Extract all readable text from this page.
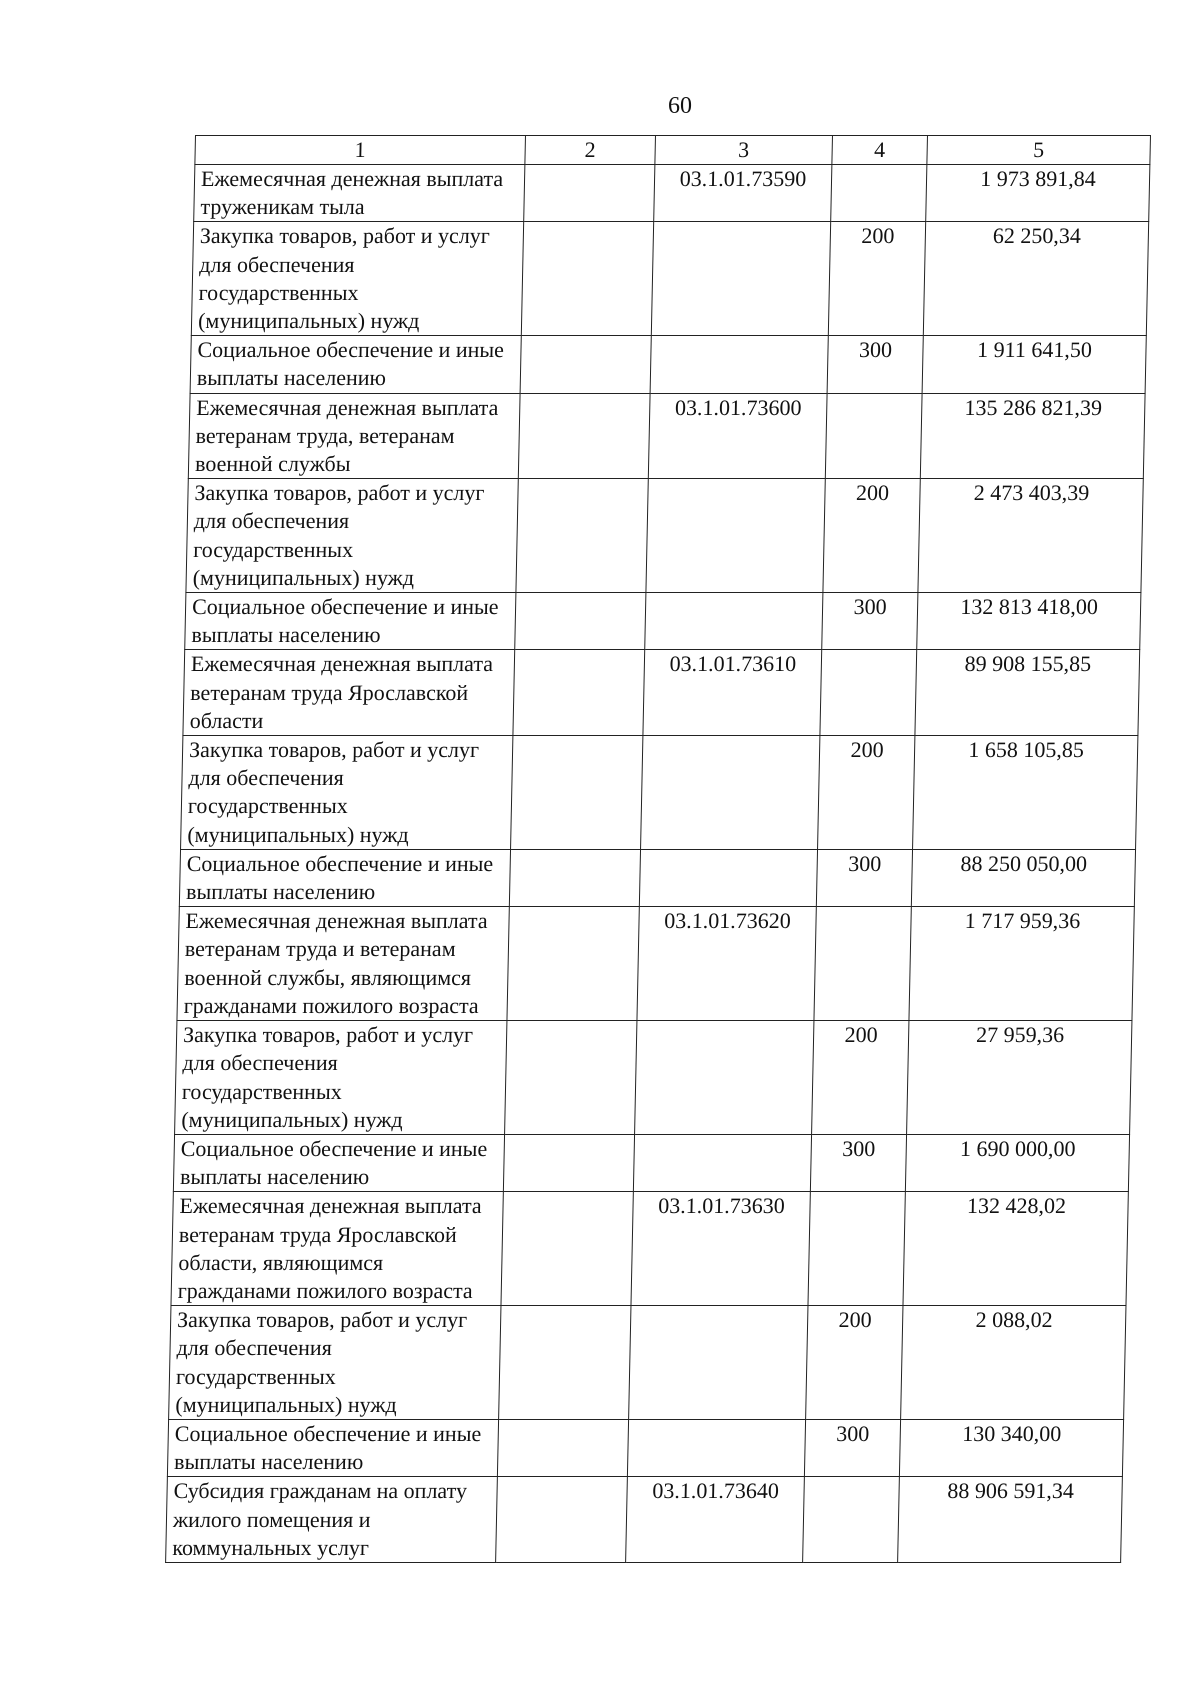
60
1	2	3	4	5
Ежемесячная денежная выплата труженикам тыла		03.1.01.73590		1 973 891,84
Закупка товаров, работ и услуг для обеспечения государственных (муниципальных) нужд			200	62 250,34
Социальное обеспечение и иные выплаты населению			300	1 911 641,50
Ежемесячная денежная выплата ветеранам труда, ветеранам военной службы		03.1.01.73600		135 286 821,39
Закупка товаров, работ и услуг для обеспечения государственных (муниципальных) нужд			200	2 473 403,39
Социальное обеспечение и иные выплаты населению			300	132 813 418,00
Ежемесячная денежная выплата ветеранам труда Ярославской области		03.1.01.73610		89 908 155,85
Закупка товаров, работ и услуг для обеспечения государственных (муниципальных) нужд			200	1 658 105,85
Социальное обеспечение и иные выплаты населению			300	88 250 050,00
Ежемесячная денежная выплата ветеранам труда и ветеранам военной службы, являющимся гражданами пожилого возраста		03.1.01.73620		1 717 959,36
Закупка товаров, работ и услуг для обеспечения государственных (муниципальных) нужд			200	27 959,36
Социальное обеспечение и иные выплаты населению			300	1 690 000,00
Ежемесячная денежная выплата ветеранам труда Ярославской области, являющимся гражданами пожилого возраста		03.1.01.73630		132 428,02
Закупка товаров, работ и услуг для обеспечения государственных (муниципальных) нужд			200	2 088,02
Социальное обеспечение и иные выплаты населению			300	130 340,00
Субсидия гражданам на оплату жилого помещения и коммунальных услуг		03.1.01.73640		88 906 591,34
